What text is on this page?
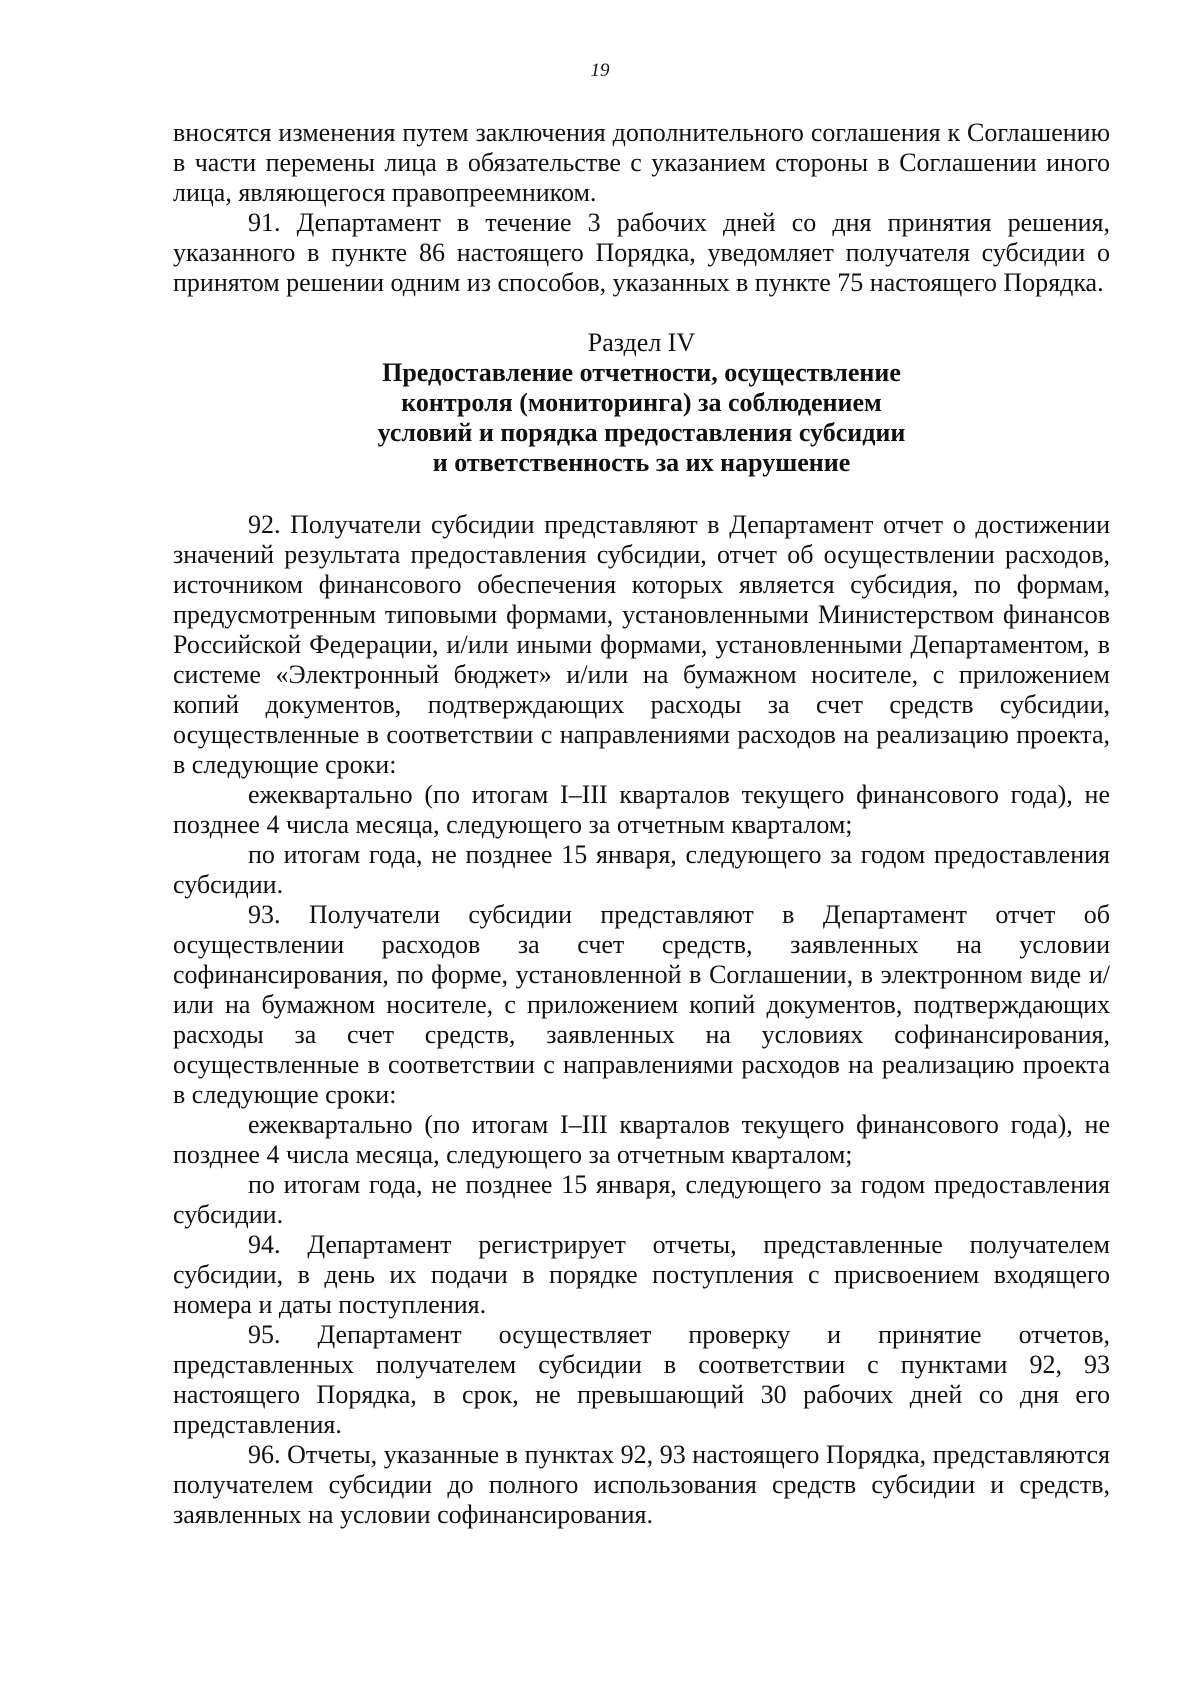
19

вносятся изменения путем заключения дополнительного соглашения к Соглашению в части перемены лица в обязательстве с указанием стороны в Соглашении иного лица, являющегося правопреемником.

91. Департамент в течение 3 рабочих дней со дня принятия решения, указанного в пункте 86 настоящего Порядка, уведомляет получателя субсидии о принятом решении одним из способов, указанных в пункте 75 настоящего Порядка.

Раздел IV
Предоставление отчетности, осуществление
контроля (мониторинга) за соблюдением
условий и порядка предоставления субсидии
и ответственность за их нарушение

92. Получатели субсидии представляют в Департамент отчет о достижении значений результата предоставления субсидии, отчет об осуществлении расходов, источником финансового обеспечения которых является субсидия, по формам, предусмотренным типовыми формами, установленными Министерством финансов Российской Федерации, и/или иными формами, установленными Департаментом, в системе «Электронный бюджет» и/или на бумажном носителе, с приложением копий документов, подтверждающих расходы за счет средств субсидии, осуществленные в соответствии с направлениями расходов на реализацию проекта, в следующие сроки:

ежеквартально (по итогам I–III кварталов текущего финансового года), не позднее 4 числа месяца, следующего за отчетным кварталом;

по итогам года, не позднее 15 января, следующего за годом предоставления субсидии.

93. Получатели субсидии представляют в Департамент отчет об осуществлении расходов за счет средств, заявленных на условии софинансирования, по форме, установленной в Соглашении, в электронном виде и/или на бумажном носителе, с приложением копий документов, подтверждающих расходы за счет средств, заявленных на условиях софинансирования, осуществленные в соответствии с направлениями расходов на реализацию проекта в следующие сроки:

ежеквартально (по итогам I–III кварталов текущего финансового года), не позднее 4 числа месяца, следующего за отчетным кварталом;

по итогам года, не позднее 15 января, следующего за годом предоставления субсидии.

94. Департамент регистрирует отчеты, представленные получателем субсидии, в день их подачи в порядке поступления с присвоением входящего номера и даты поступления.

95. Департамент осуществляет проверку и принятие отчетов, представленных получателем субсидии в соответствии с пунктами 92, 93 настоящего Порядка, в срок, не превышающий 30 рабочих дней со дня его представления.

96. Отчеты, указанные в пунктах 92, 93 настоящего Порядка, представляются получателем субсидии до полного использования средств субсидии и средств, заявленных на условии софинансирования.
